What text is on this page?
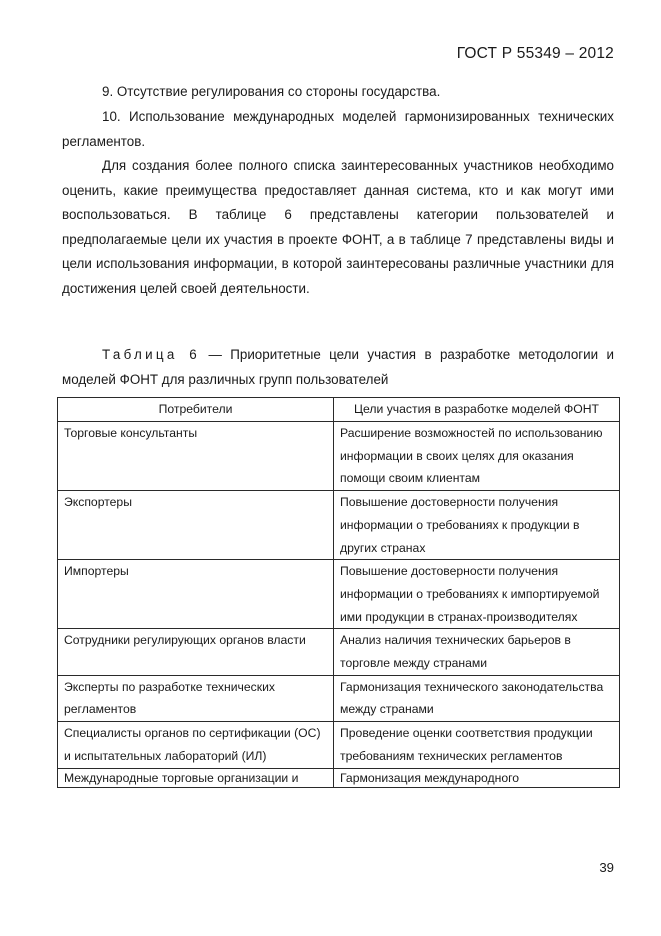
ГОСТ Р 55349 – 2012
9. Отсутствие регулирования со стороны государства.
10. Использование международных моделей гармонизированных технических регламентов.
Для создания более полного списка заинтересованных участников необходимо оценить, какие преимущества предоставляет данная система, кто и как могут ими воспользоваться. В таблице 6 представлены категории пользователей и предполагаемые цели их участия в проекте ФОНТ, а в таблице 7 представлены виды и цели использования информации, в которой заинтересованы различные участники для достижения целей своей деятельности.
Таблица 6 — Приоритетные цели участия в разработке методологии и моделей ФОНТ для различных групп пользователей
Потребители	Цели участия в разработке моделей ФОНТ
Торговые консультанты	Расширение возможностей по использованию информации в своих целях для оказания помощи своим клиентам
Экспортеры	Повышение достоверности получения информации о требованиях к продукции в других странах
Импортеры	Повышение достоверности получения информации о требованиях к импортируемой ими продукции в странах-производителях
Сотрудники регулирующих органов власти	Анализ наличия технических барьеров в торговле между странами
Эксперты по разработке технических регламентов	Гармонизация технического законодательства между странами
Специалисты органов по сертификации (ОС) и испытательных лабораторий (ИЛ)	Проведение оценки соответствия продукции требованиям технических регламентов
Международные торговые организации и	Гармонизация международного
39
